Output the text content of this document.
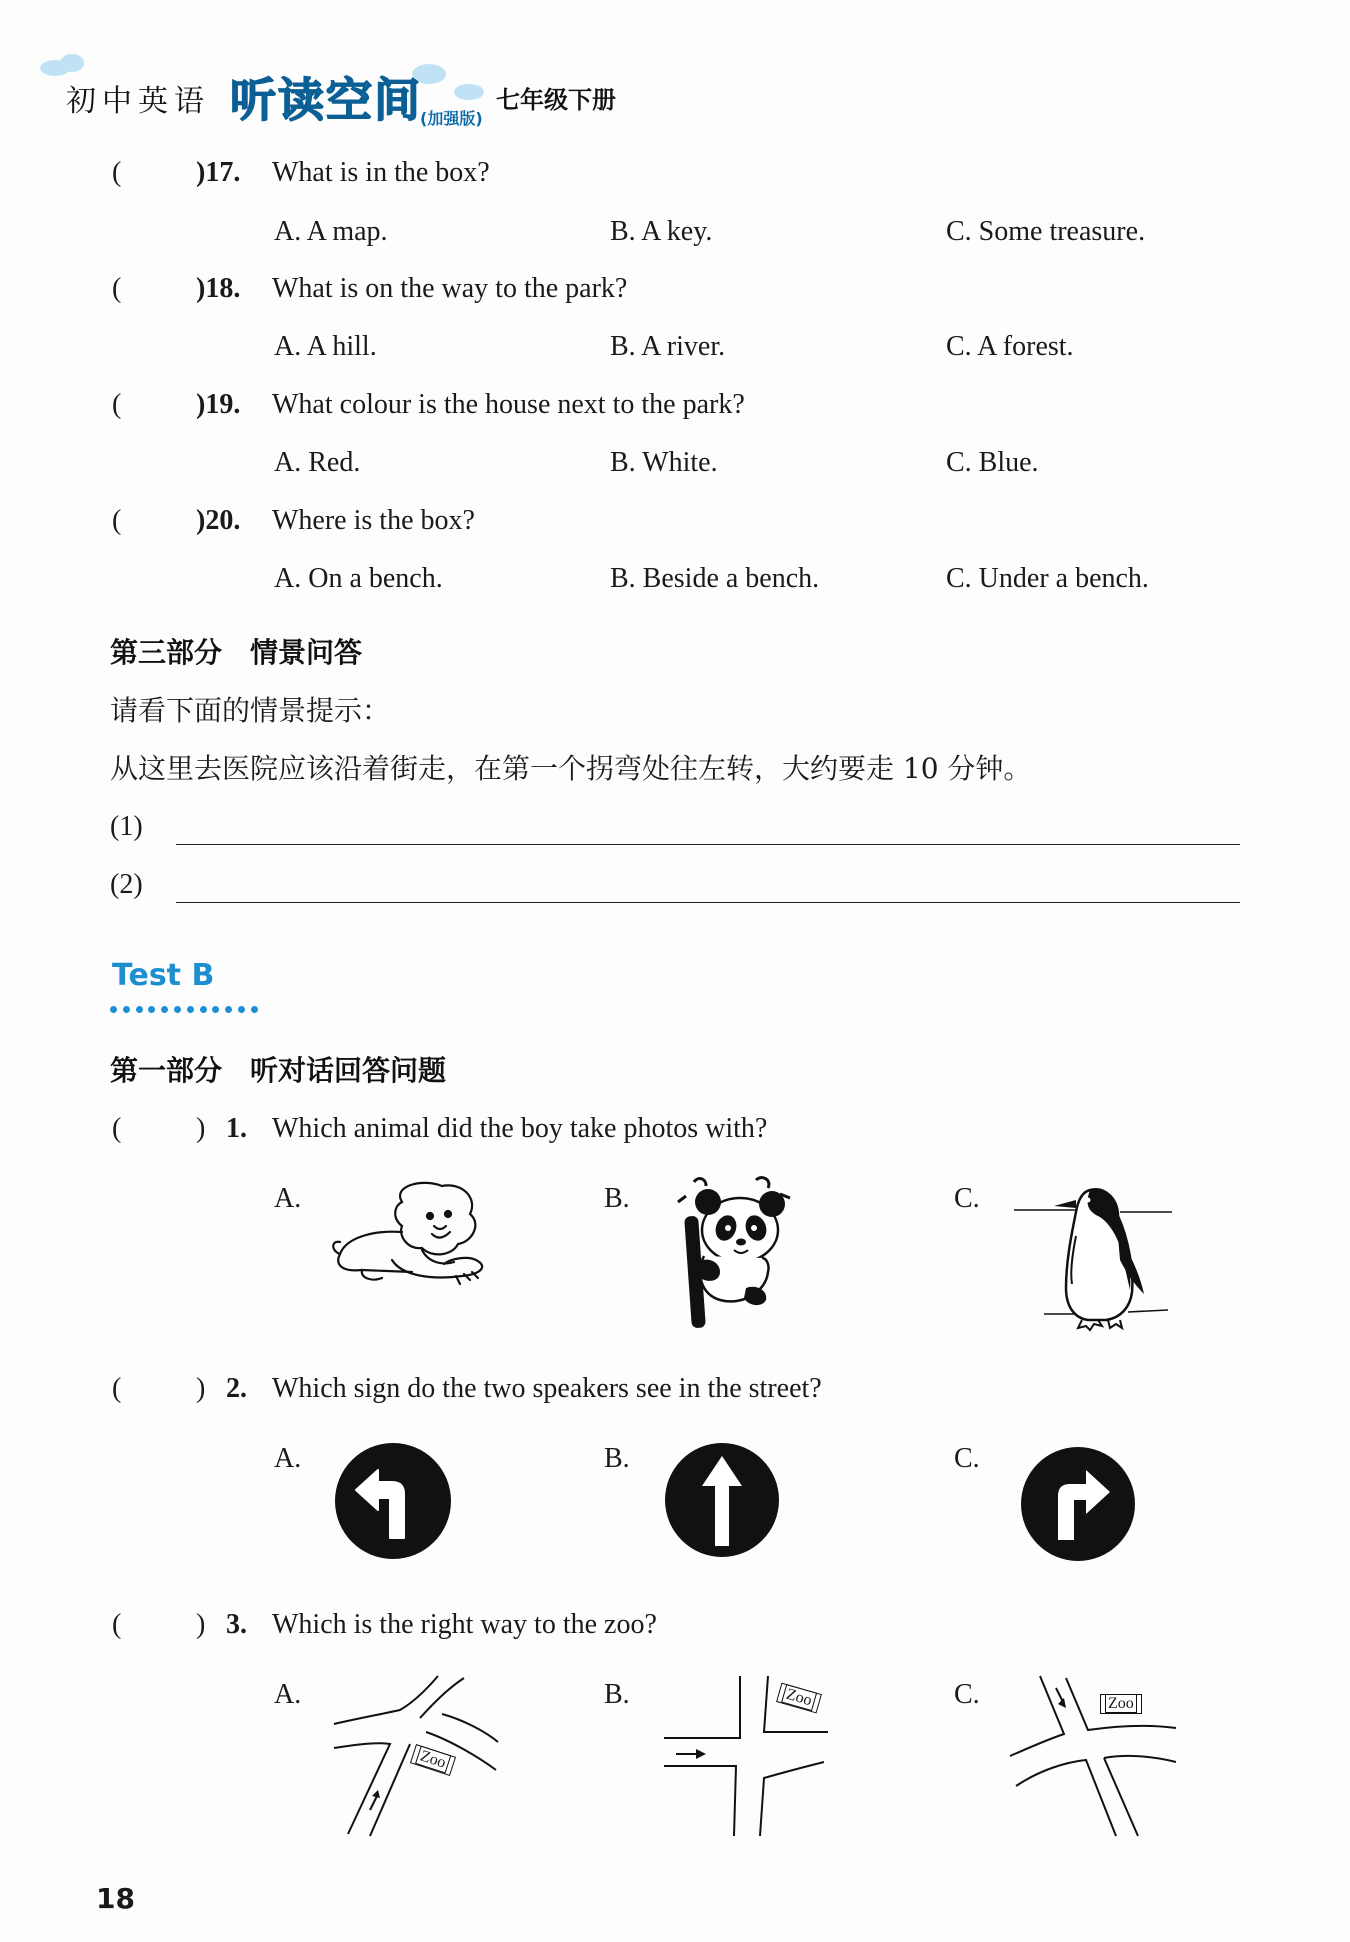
初中英语 听读空间
(加强版)
七年级下册
(	)17. What is in the box?
A. A map.	B. A key.	C. Some treasure.
(	)18. What is on the way to the park?
A. A hill.	B. A river.	C. A forest.
(	)19. What colour is the house next to the park?
A. Red.	B. White.	C. Blue.
(	)20. Where is the box?
A. On a bench.	B. Beside a bench.	C. Under a bench.
第三部分　情景问答
请看下面的情景提示：
从这里去医院应该沿着街走，在第一个拐弯处往左转，大约要走 10 分钟。
(1)
(2)
Test B
第一部分　听对话回答问题
(	) 1. Which animal did the boy take photos with?
A.	B.	C.
(	) 2. Which sign do the two speakers see in the street?
A.	B.	C.
(	) 3. Which is the right way to the zoo?
A.	B.	C.
Zoo
Zoo	Zoo
18
